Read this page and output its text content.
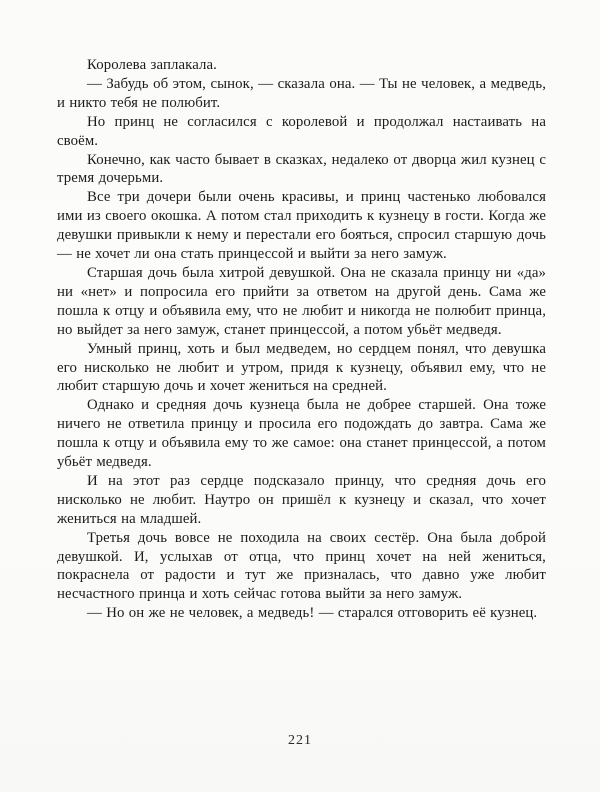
Королева заплакала.

— Забудь об этом, сынок, — сказала она. — Ты не человек, а медведь, и никто тебя не полюбит.

Но принц не согласился с королевой и продолжал настаивать на своём.

Конечно, как часто бывает в сказках, недалеко от дворца жил кузнец с тремя дочерьми.

Все три дочери были очень красивы, и принц частенько любовался ими из своего окошка. А потом стал приходить к кузнецу в гости. Когда же девушки привыкли к нему и перестали его бояться, спросил старшую дочь — не хочет ли она стать принцессой и выйти за него замуж.

Старшая дочь была хитрой девушкой. Она не сказала принцу ни «да» ни «нет» и попросила его прийти за ответом на другой день. Сама же пошла к отцу и объявила ему, что не любит и никогда не полюбит принца, но выйдет за него замуж, станет принцессой, а потом убьёт медведя.

Умный принц, хоть и был медведем, но сердцем понял, что девушка его нисколько не любит и утром, придя к кузнецу, объявил ему, что не любит старшую дочь и хочет жениться на средней.

Однако и средняя дочь кузнеца была не добрее старшей. Она тоже ничего не ответила принцу и просила его подождать до завтра. Сама же пошла к отцу и объявила ему то же самое: она станет принцессой, а потом убьёт медведя.

И на этот раз сердце подсказало принцу, что средняя дочь его нисколько не любит. Наутро он пришёл к кузнецу и сказал, что хочет жениться на младшей.

Третья дочь вовсе не походила на своих сестёр. Она была доброй девушкой. И, услыхав от отца, что принц хочет на ней жениться, покраснела от радости и тут же призналась, что давно уже любит несчастного принца и хоть сейчас готова выйти за него замуж.

— Но он же не человек, а медведь! — старался отговорить её кузнец.

221
